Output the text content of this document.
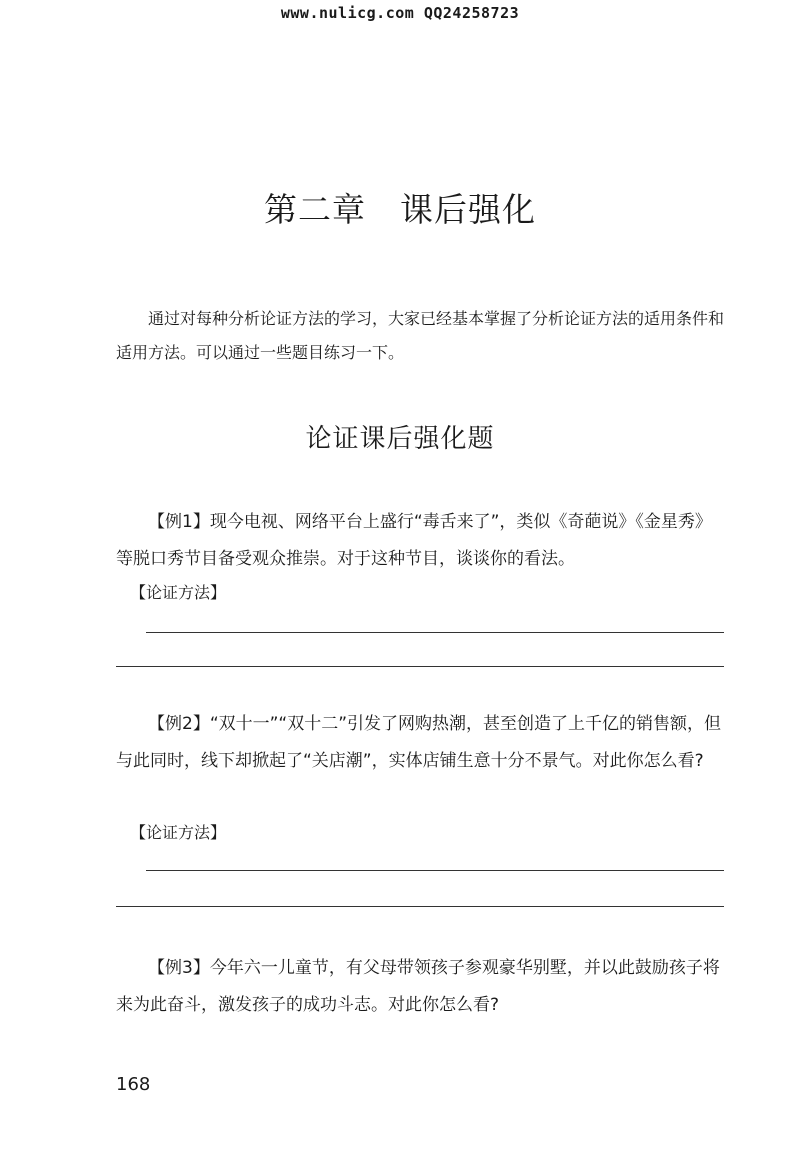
www.nulicg.com QQ24258723
第二章　课后强化
通过对每种分析论证方法的学习，大家已经基本掌握了分析论证方法的适用条件和适用方法。可以通过一些题目练习一下。
论证课后强化题
【例1】现今电视、网络平台上盛行“毒舌来了”，类似《奇葩说》《金星秀》等脱口秀节目备受观众推崇。对于这种节目，谈谈你的看法。
【论证方法】
【例2】“双十一”“双十二”引发了网购热潮，甚至创造了上千亿的销售额，但与此同时，线下却掀起了“关店潮”，实体店铺生意十分不景气。对此你怎么看?
【论证方法】
【例3】今年六一儿童节，有父母带领孩子参观豪华别墅，并以此鼓励孩子将来为此奋斗，激发孩子的成功斗志。对此你怎么看?
168
